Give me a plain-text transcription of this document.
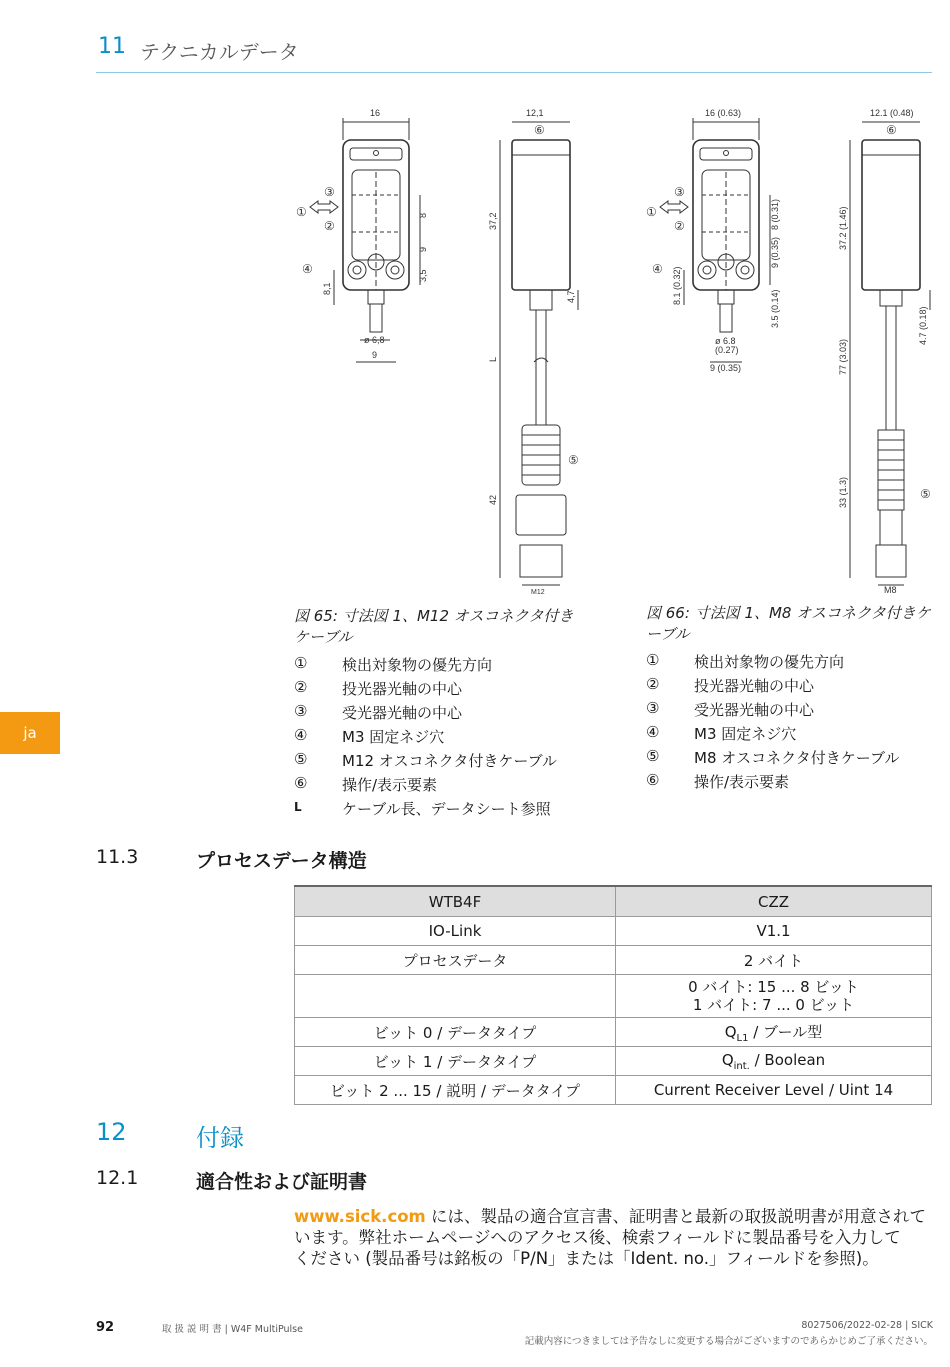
11 テクニカルデータ
ja
16	12,1
8
9
3,5
37,2
8,1
ø 6,8
9
4,7
L
42
M12
①
②
③
④
⑤
⑥
16 (0.63)	12.1 (0.48)
8 (0.31)
9 (0.35)
3.5 (0.14)
37.2 (1.46)
8.1 (0.32)
ø 6.8
(0.27)
9 (0.35)
4.7 (0.18)
77 (3.03)
33 (1.3)
M8
①
②
③
④
⑤
⑥
図 65: 寸法図 1、M12 オスコネクタ付き
ケーブル
①	検出対象物の優先方向
②	投光器光軸の中心
③	受光器光軸の中心
④	M3 固定ネジ穴
⑤	M12 オスコネクタ付きケーブル
⑥	操作/表示要素
L	ケーブル長、データシート参照
図 66: 寸法図 1、M8 オスコネクタ付きケ
ーブル
①	検出対象物の優先方向
②	投光器光軸の中心
③	受光器光軸の中心
④	M3 固定ネジ穴
⑤	M8 オスコネクタ付きケーブル
⑥	操作/表示要素
11.3	プロセスデータ構造
WTB4F	CZZ
IO-Link	V1.1
プロセスデータ	2 バイト

	0 バイト: 15 ... 8 ビット
1 バイト: 7 ... 0 ビット

ビット 0 / データタイプ	$Q_{L1}$ / ブール型
ビット 1 / データタイプ	$Q_{int.}$ / Boolean
ビット 2 ... 15 / 説明 / データタイプ	Current Receiver Level / Uint 14
12	付録
12.1	適合性および証明書
www.sick.com には、製品の適合宣言書、証明書と最新の取扱説明書が用意されて
います。弊社ホームページへのアクセス後、検索フィールドに製品番号を入力して
ください (製品番号は銘板の「P/N」または「Ident. no.」フィールドを参照)。
92	取 扱 説 明 書 | W4F MultiPulse	8027506/2022-02-28 | SICK
記載内容につきましては予告なしに変更する場合がございますのであらかじめご了承ください。
